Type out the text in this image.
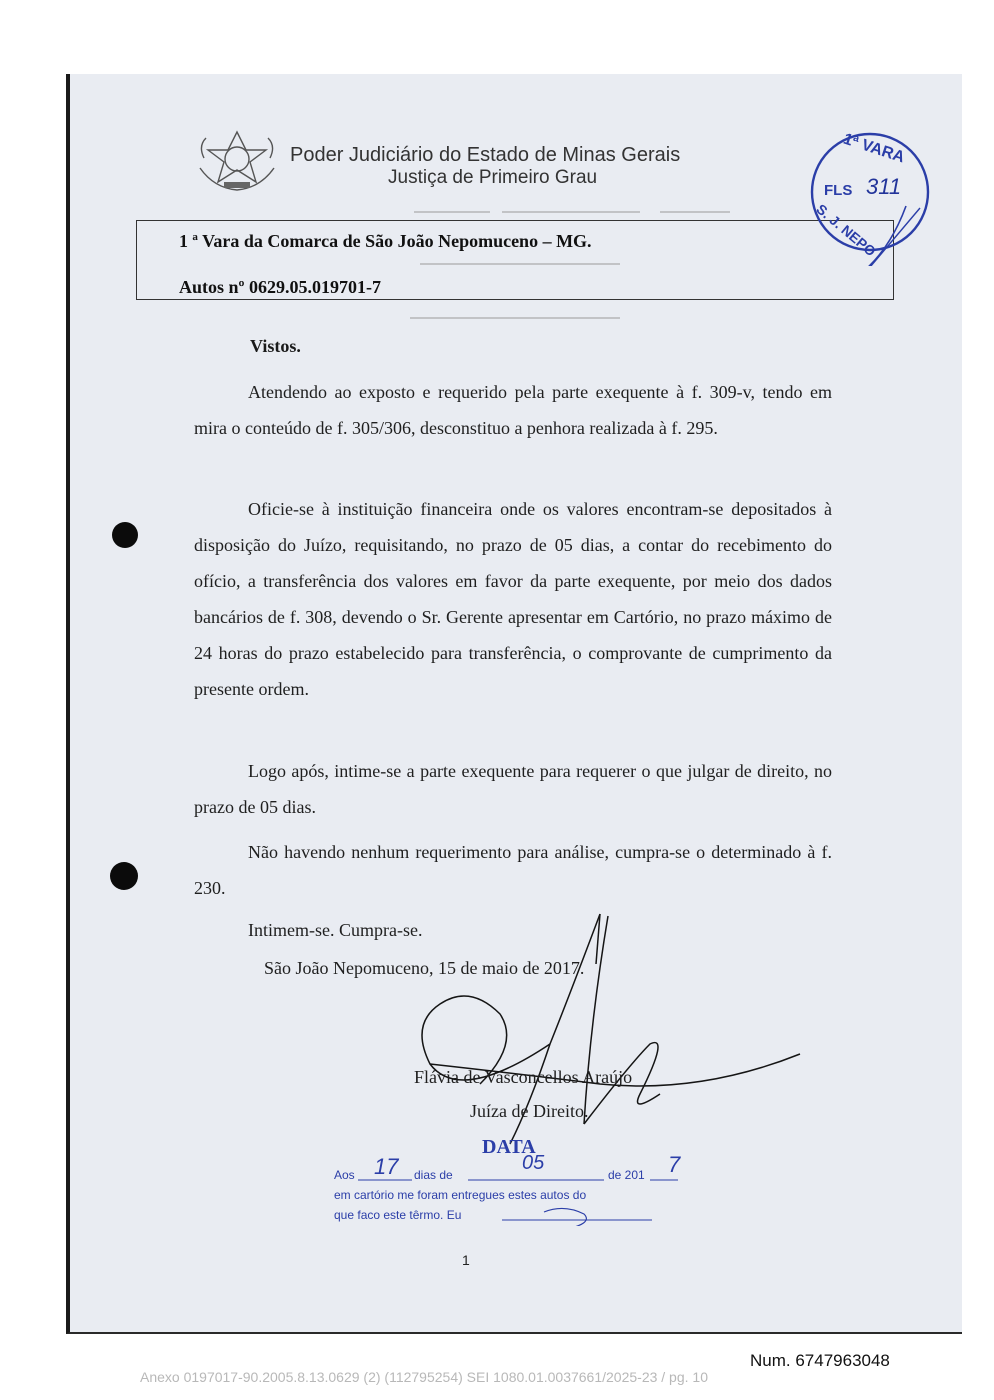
Poder Judiciário do Estado de Minas Gerais
Justiça de Primeiro Grau
1 ª Vara da Comarca de São João Nepomuceno – MG.
Autos nº 0629.05.019701-7
1ª VARA
FLS 311
S. J. NEPO
Vistos.
Atendendo ao exposto e requerido pela parte exequente à f. 309-v, tendo em mira o conteúdo de f. 305/306, desconstituo a penhora realizada à f. 295.
Oficie-se à instituição financeira onde os valores encontram-se depositados à disposição do Juízo, requisitando, no prazo de 05 dias, a contar do recebimento do ofício, a transferência dos valores em favor da parte exequente, por meio dos dados bancários de f. 308, devendo o Sr. Gerente apresentar em Cartório, no prazo máximo de 24 horas do prazo estabelecido para transferência, o comprovante de cumprimento da presente ordem.
Logo após, intime-se a parte exequente para requerer o que julgar de direito, no prazo de 05 dias.
Não havendo nenhum requerimento para análise, cumpra-se o determinado à f. 230.
Intimem-se. Cumpra-se.
São João Nepomuceno, 15 de maio de 2017.
Flávia de Vasconcellos Araújo
Juíza de Direito.
DATA
Aos 17 dias de
05
de 201 7
em cartório me foram entregues estes autos do
que faco este têrmo. Eu
1
Num. 6747963048
Anexo 0197017-90.2005.8.13.0629 (2) (112795254) SEI 1080.01.0037661/2025-23 / pg. 10
